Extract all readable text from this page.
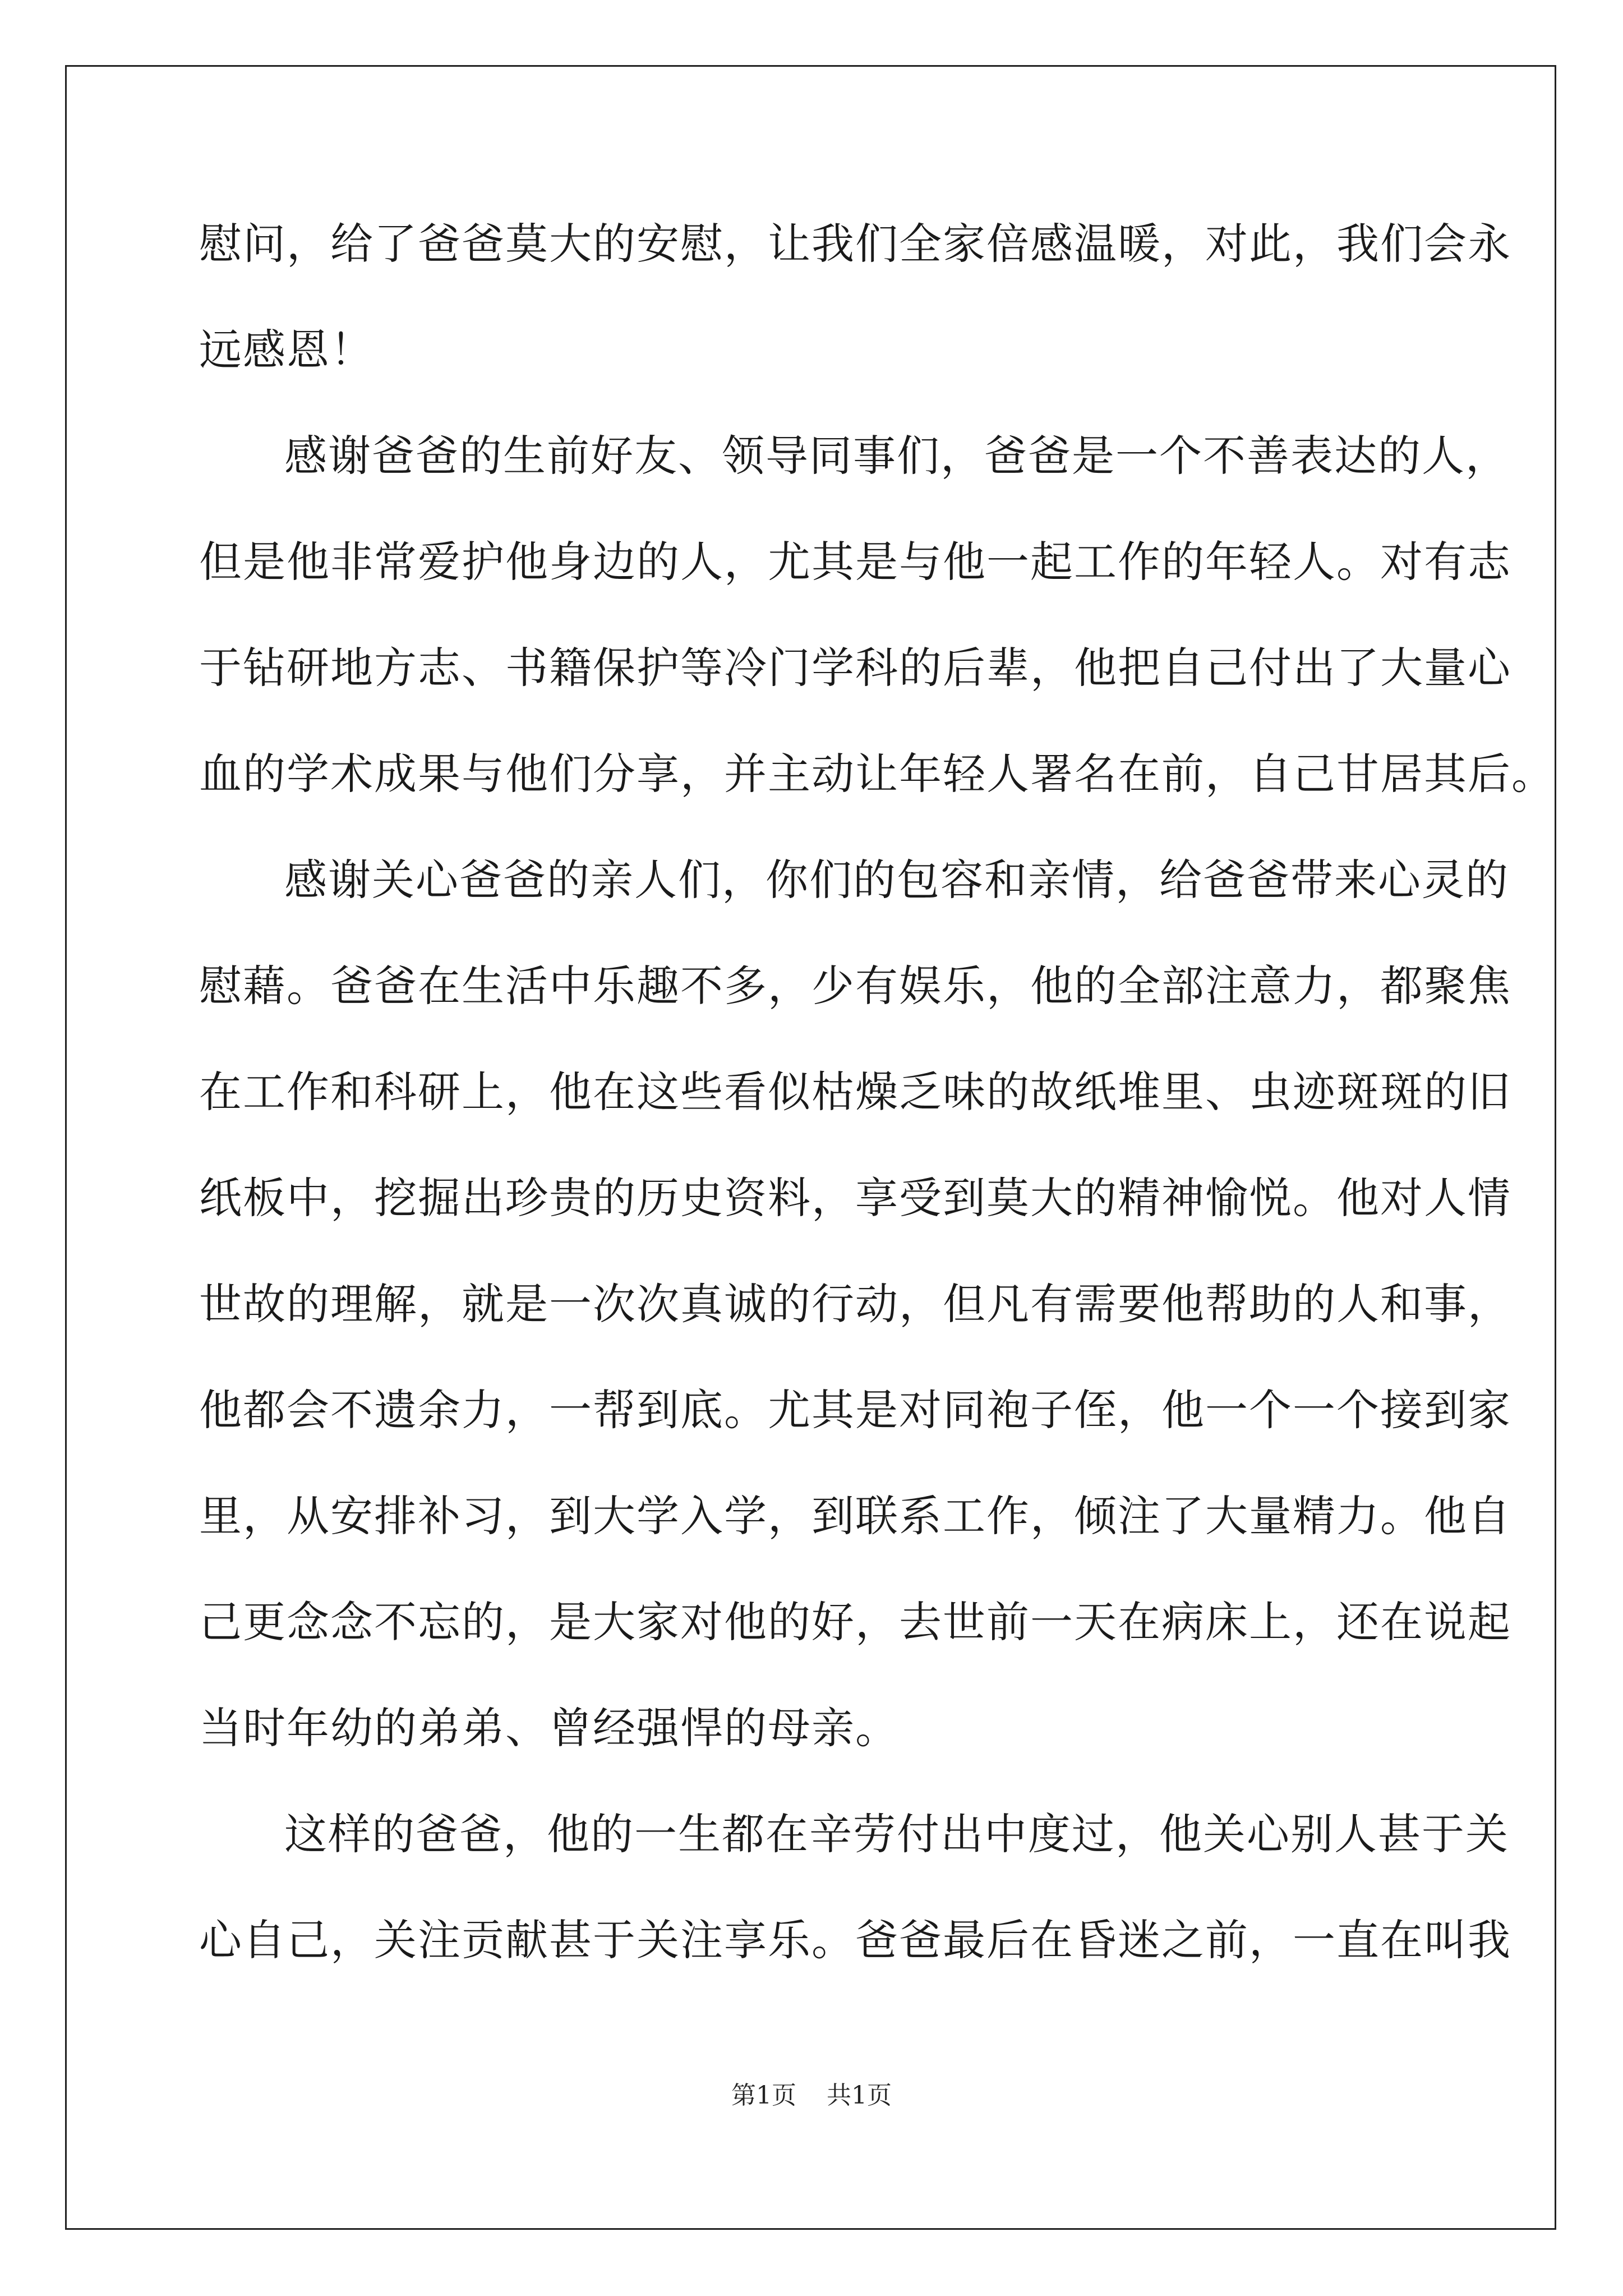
慰问，给了爸爸莫大的安慰，让我们全家倍感温暖，对此，我们会永
远感恩！
感谢爸爸的生前好友、领导同事们，爸爸是一个不善表达的人，
但是他非常爱护他身边的人，尤其是与他一起工作的年轻人。对有志
于钻研地方志、书籍保护等冷门学科的后辈，他把自己付出了大量心
血的学术成果与他们分享，并主动让年轻人署名在前，自己甘居其后。
感谢关心爸爸的亲人们，你们的包容和亲情，给爸爸带来心灵的
慰藉。爸爸在生活中乐趣不多，少有娱乐，他的全部注意力，都聚焦
在工作和科研上，他在这些看似枯燥乏味的故纸堆里、虫迹斑斑的旧
纸板中，挖掘出珍贵的历史资料，享受到莫大的精神愉悦。他对人情
世故的理解，就是一次次真诚的行动，但凡有需要他帮助的人和事，
他都会不遗余力，一帮到底。尤其是对同袍子侄，他一个一个接到家
里，从安排补习，到大学入学，到联系工作，倾注了大量精力。他自
己更念念不忘的，是大家对他的好，去世前一天在病床上，还在说起
当时年幼的弟弟、曾经强悍的母亲。
这样的爸爸，他的一生都在辛劳付出中度过，他关心别人甚于关
心自己，关注贡献甚于关注享乐。爸爸最后在昏迷之前，一直在叫我
第1页 共1页
